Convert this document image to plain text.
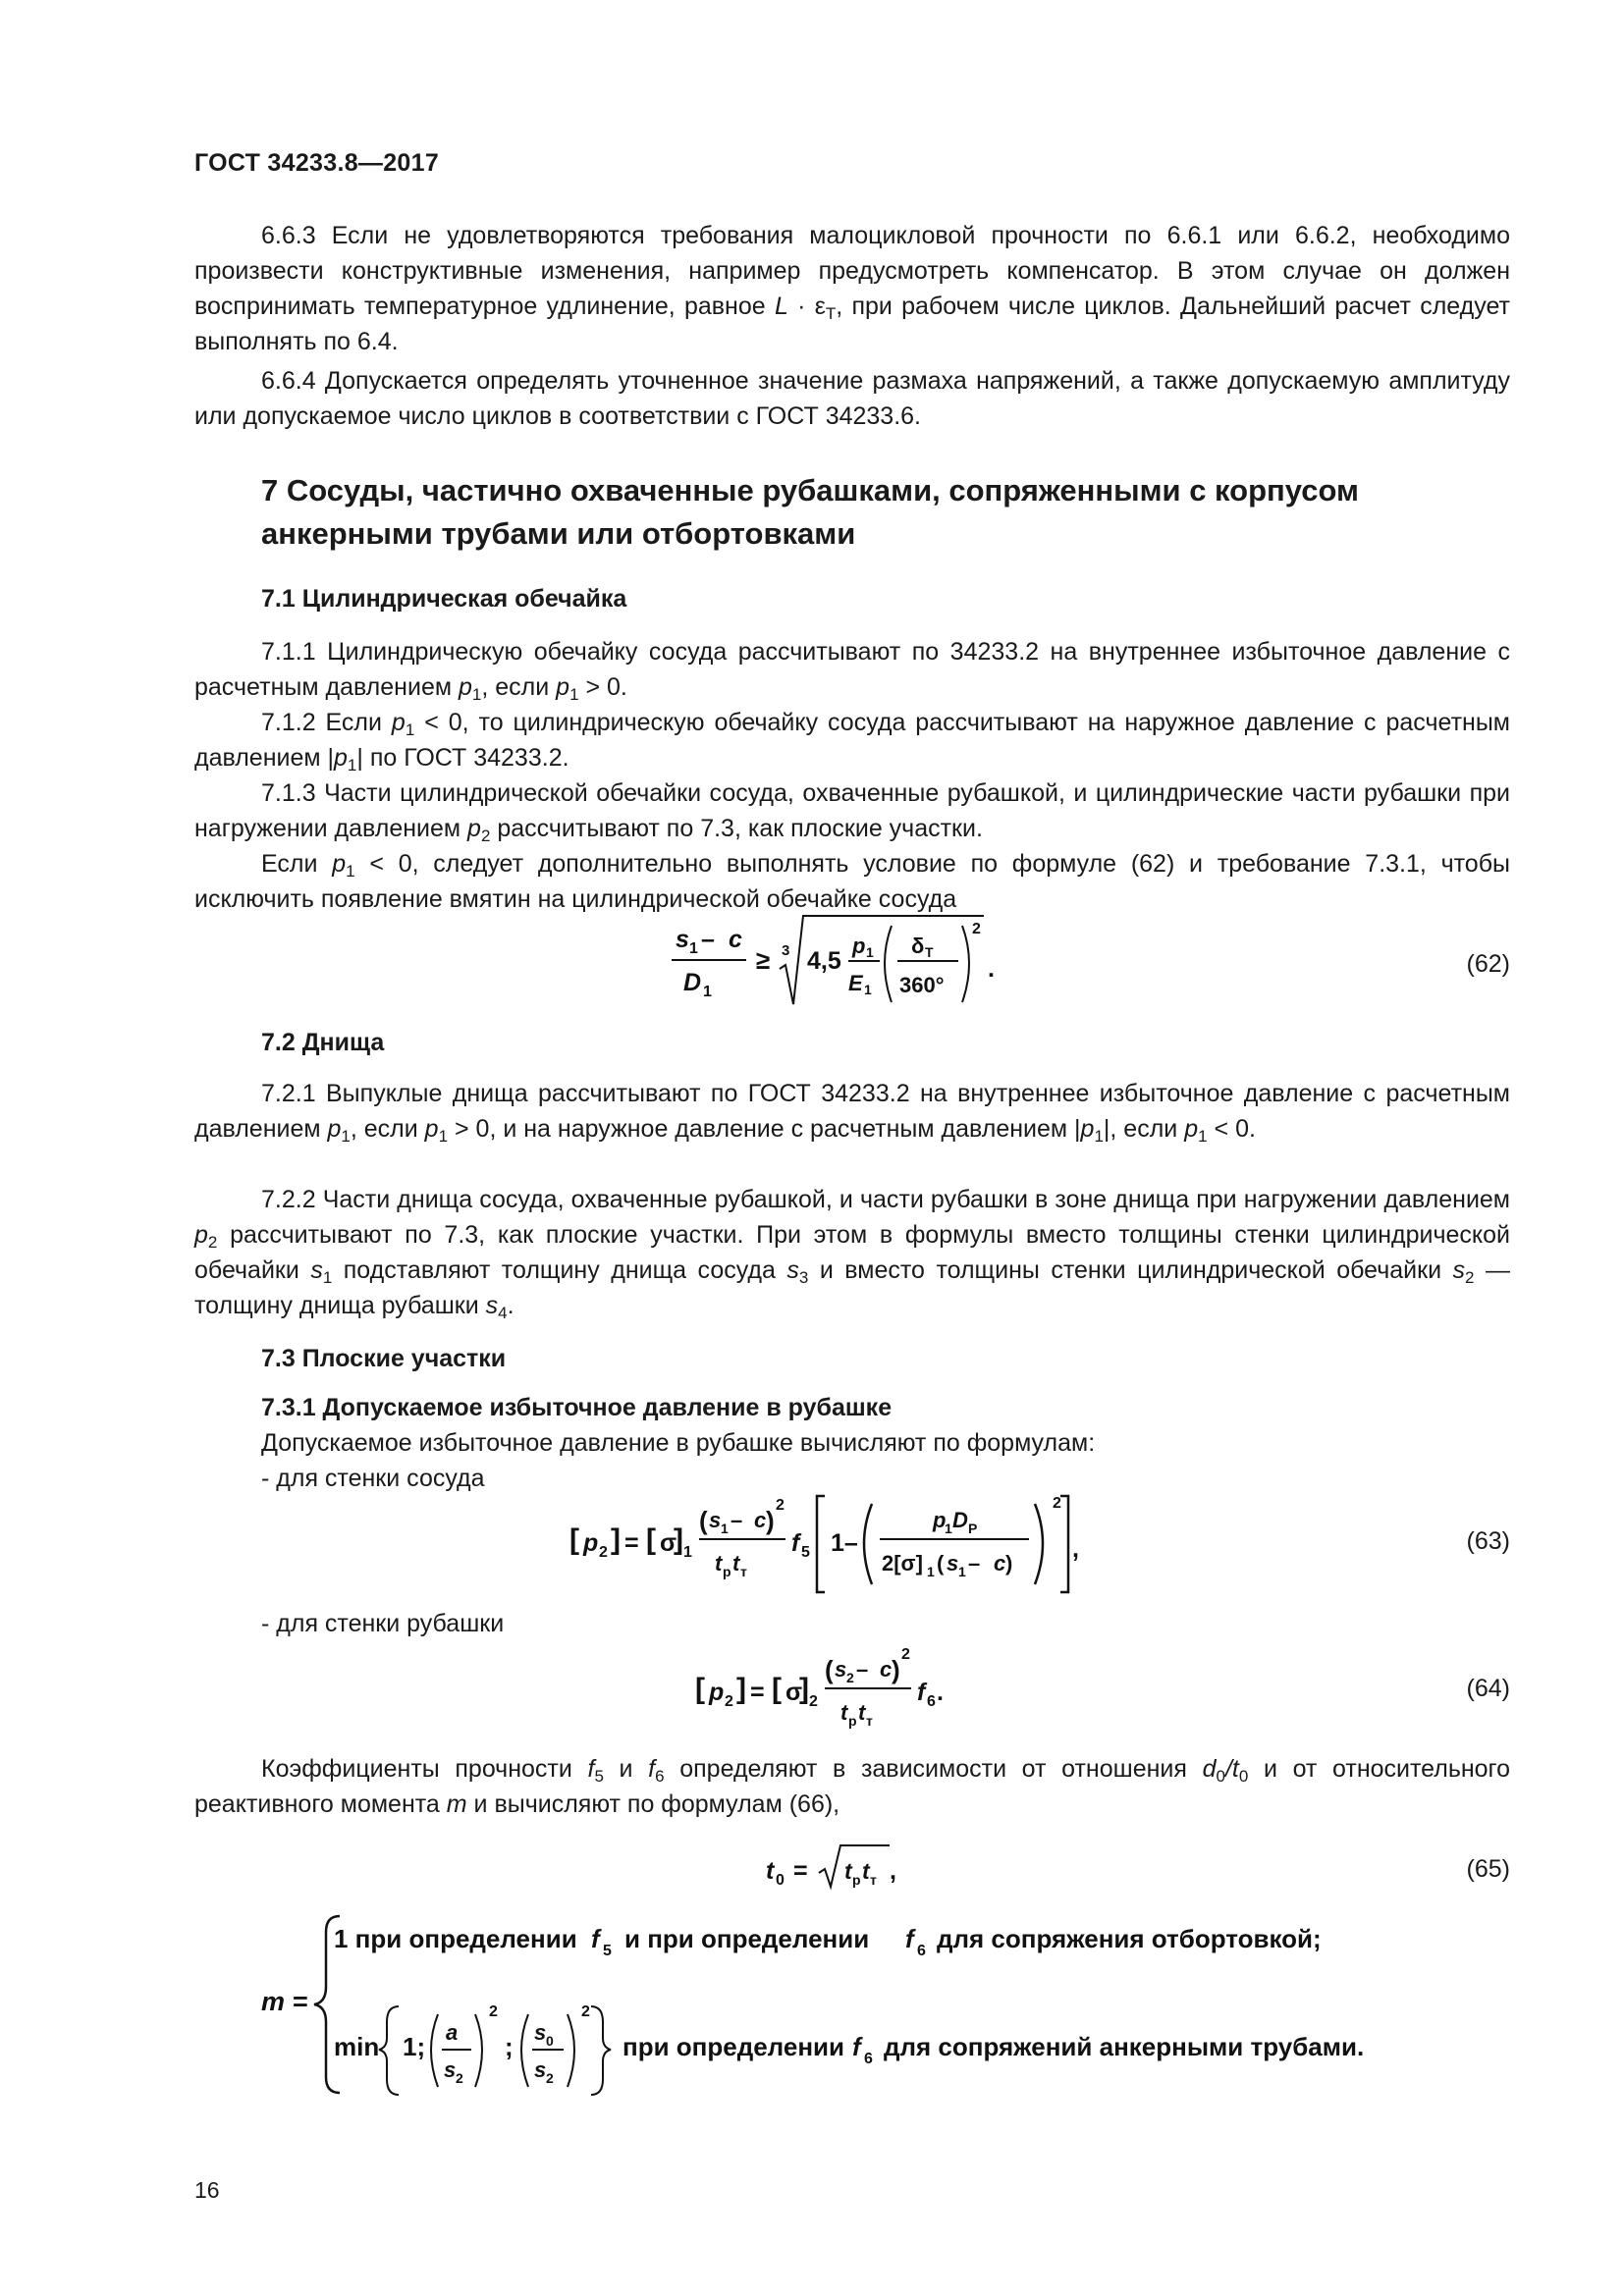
ГОСТ 34233.8—2017

6.6.3 Если не удовлетворяются требования малоцикловой прочности по 6.6.1 или 6.6.2, необходимо произвести конструктивные изменения, например предусмотреть компенсатор. В этом случае он должен воспринимать температурное удлинение, равное $L \cdot \varepsilon_Т$, при рабочем числе циклов. Дальнейший расчет следует выполнять по 6.4.

6.6.4 Допускается определять уточненное значение размаха напряжений, а также допускаемую амплитуду или допускаемое число циклов в соответствии с ГОСТ 34233.6.

7 Сосуды, частично охваченные рубашками, сопряженными с корпусом анкерными трубами или отбортовками
7.1 Цилиндрическая обечайка

7.1.1 Цилиндрическую обечайку сосуда рассчитывают по 34233.2 на внутреннее избыточное давление с расчетным давлением $p_1$, если $p_1 > 0$.

7.1.2 Если $p_1 < 0$, то цилиндрическую обечайку сосуда рассчитывают на наружное давление с расчетным давлением $|p_1|$ по ГОСТ 34233.2.

7.1.3 Части цилиндрической обечайки сосуда, охваченные рубашкой, и цилиндрические части рубашки при нагружении давлением $p_2$ рассчитывают по 7.3, как плоские участки.

Если $p_1 < 0$, следует дополнительно выполнять условие по формуле (62) и требование 7.3.1, чтобы исключить появление вмятин на цилиндрической обечайке сосуда

s 1 – c
D 1
≥ 3 4,5
p 1
E 1
δ Т
360°
2
.	(62)
7.2 Днища

7.2.1 Выпуклые днища рассчитывают по ГОСТ 34233.2 на внутреннее избыточное давление с расчетным давлением $p_1$, если $p_1 > 0$, и на наружное давление с расчетным давлением $|p_1|$, если $p_1 < 0$.

7.2.2 Части днища сосуда, охваченные рубашкой, и части рубашки в зоне днища при нагружении давлением $p_2$ рассчитывают по 7.3, как плоские участки. При этом в формулы вместо толщины стенки цилиндрической обечайки $s_1$ подставляют толщину днища сосуда $s_3$ и вместо толщины стенки цилиндрической обечайки $s_2$ — толщину днища рубашки $s_4$.

7.3 Плоские участки
7.3.1 Допускаемое избыточное давление в рубашке

Допускаемое избыточное давление в рубашке вычисляют по формулам:

- для стенки сосуда

[ p 2 ] = [ σ
] 1
( s 1 – c )
2
t р t т
f 5 1–
p
1 D Р
2[σ] 1 ( s 1 – c )
2
,	(63)

- для стенки рубашки

[ p 2 ] = [ σ
] 2
( s 2 – c )
2
t р t т
f 6 .	(64)

Коэффициенты прочности $f_5$ и $f_6$ определяют в зависимости от отношения $d_0/t_0$ и от относительного реактивного момента m и вычисляют по формулам (66),

t 0 = t р t т ,	(65)
m =
1 при определении f 5 и при определении f 6 для сопряжения отбортовкой;
min 1; a
s 2
2
; s 0
s 2
2
при определении f 6 для сопряжений анкерными трубами.
16
